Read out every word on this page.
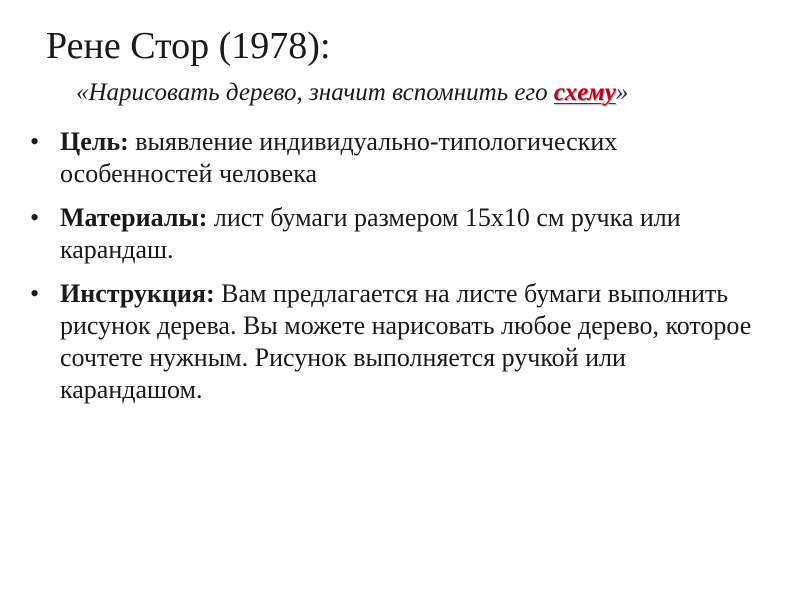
Рене Стор (1978):
«Нарисовать дерево, значит вспомнить его схему»
• Цель: выявление индивидуально-типологических особенностей человека
• Материалы: лист бумаги размером 15х10 см ручка или карандаш.
• Инструкция: Вам предлагается на листе бумаги выполнить рисунок дерева. Вы можете нарисовать любое дерево, которое сочтете нужным. Рисунок выполняется ручкой или карандашом.
